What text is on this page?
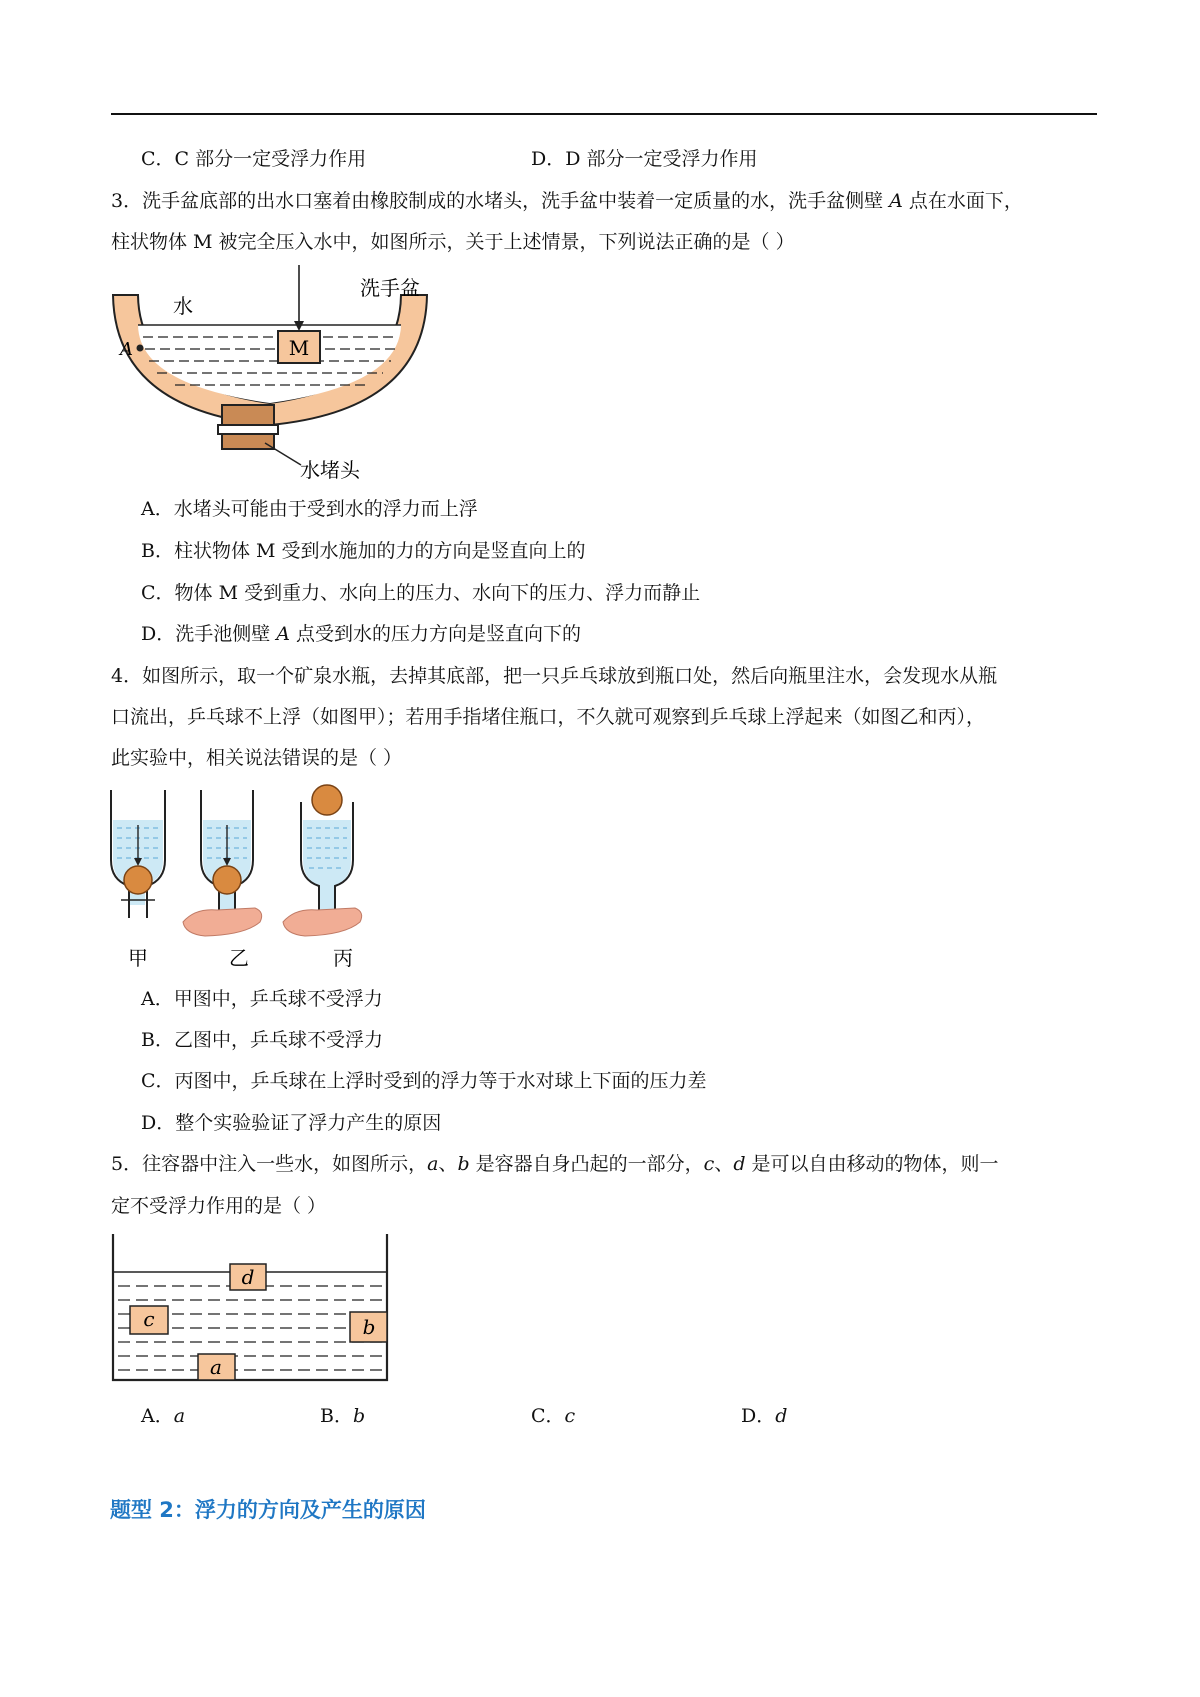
C．C 部分一定受浮力作用	D．D 部分一定受浮力作用
3．洗手盆底部的出水口塞着由橡胶制成的水堵头，洗手盆中装着一定质量的水，洗手盆侧壁 A 点在水面下，
柱状物体 M 被完全压入水中，如图所示，关于上述情景，下列说法正确的是（ ）
M
A
水
洗手盆
水堵头
A．水堵头可能由于受到水的浮力而上浮
B．柱状物体 M 受到水施加的力的方向是竖直向上的
C．物体 M 受到重力、水向上的压力、水向下的压力、浮力而静止
D．洗手池侧壁 A 点受到水的压力方向是竖直向下的
4．如图所示，取一个矿泉水瓶，去掉其底部，把一只乒乓球放到瓶口处，然后向瓶里注水，会发现水从瓶
口流出，乒乓球不上浮（如图甲）；若用手指堵住瓶口，不久就可观察到乒乓球上浮起来（如图乙和丙），
此实验中，相关说法错误的是（ ）
甲	乙	丙
A．甲图中，乒乓球不受浮力
B．乙图中，乒乓球不受浮力
C．丙图中，乒乓球在上浮时受到的浮力等于水对球上下面的压力差
D．整个实验验证了浮力产生的原因
5．往容器中注入一些水，如图所示，a、b 是容器自身凸起的一部分，c、d 是可以自由移动的物体，则一
定不受浮力作用的是（ ）
d
c	b
a
A．a	B．b	C．c	D．d
题型 2：浮力的方向及产生的原因
